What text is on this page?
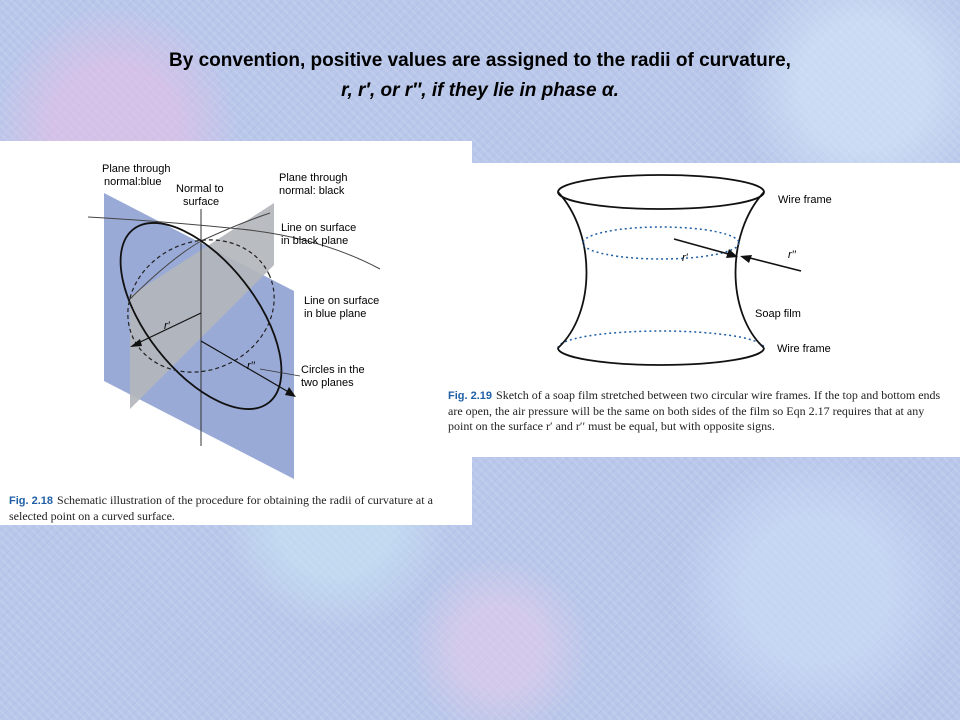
By convention, positive values are assigned to the radii of curvature,
r, r′, or r″, if they lie in phase α.
Plane through
normal:blue
Normal to
surface
Plane through
normal: black
Line on surface
in black plane
Line on surface
in blue plane
Circles in the
two planes
r′
r′′

Fig. 2.18 Schematic illustration of the procedure for obtaining the radii of curvature at a selected point on a curved surface.

Wire frame
r′	r′′
Soap film
Wire frame

Fig. 2.19 Sketch of a soap film stretched between two circular wire frames. If the top and bottom ends are open, the air pressure will be the same on both sides of the film so Eqn 2.17 requires that at any point on the surface r′ and r′′ must be equal, but with opposite signs.
